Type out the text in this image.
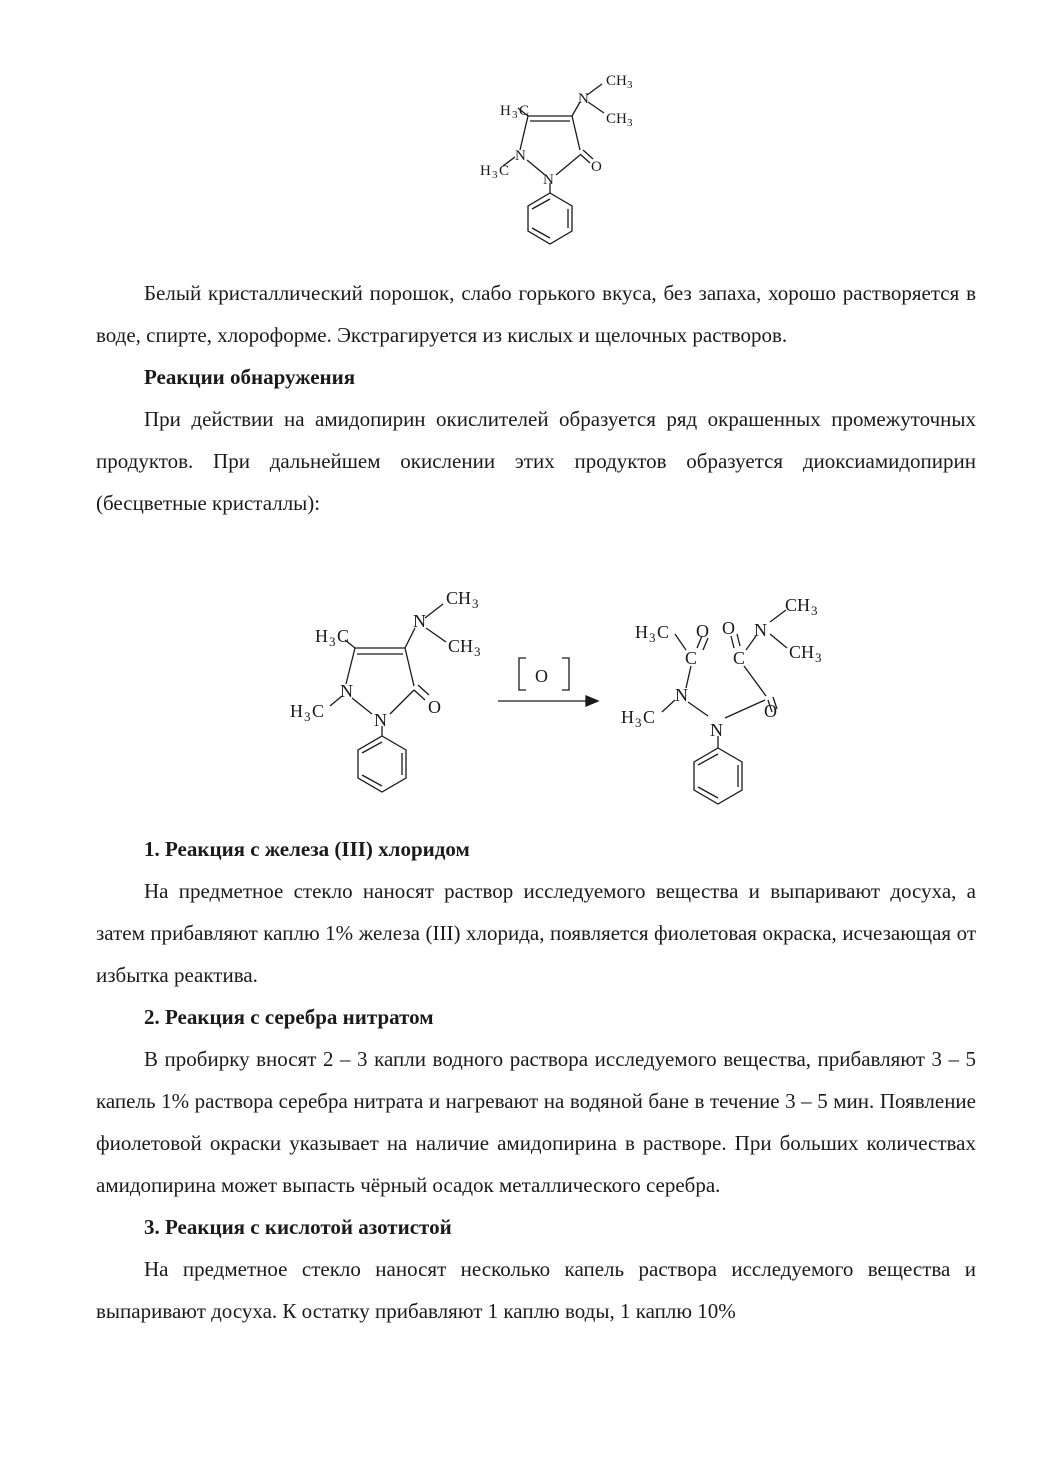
CH 3
N
CH 3
H 3 C
N
H 3 C
N
O

Белый кристаллический порошок, слабо горького вкуса, без запаха, хорошо растворяется в воде, спирте, хлороформе. Экстрагируется из кислых и щелочных растворов.

Реакции обнаружения

При действии на амидопирин окислителей образуется ряд окрашенных промежуточных продуктов. При дальнейшем окислении этих продуктов образуется диоксиамидопирин (бесцветные кристаллы):

CH 3
N
CH 3
H 3 C
N
H 3 C	N
O
O
H 3 C O O N
CH 3
CH 3
C C
N
H 3 C
N
O

1. Реакция с железа (III) хлоридом

На предметное стекло наносят раствор исследуемого вещества и выпаривают досуха, а затем прибавляют каплю 1% железа (III) хлорида, появляется фиолетовая окраска, исчезающая от избытка реактива.

2. Реакция с серебра нитратом

В пробирку вносят 2 – 3 капли водного раствора исследуемого вещества, прибавляют 3 – 5 капель 1% раствора серебра нитрата и нагревают на водяной бане в течение 3 – 5 мин. Появление фиолетовой окраски указывает на наличие амидопирина в растворе. При больших количествах амидопирина может выпасть чёрный осадок металлического серебра.

3. Реакция с кислотой азотистой

На предметное стекло наносят несколько капель раствора исследуемого вещества и выпаривают досуха. К остатку прибавляют 1 каплю воды, 1 каплю 10%
